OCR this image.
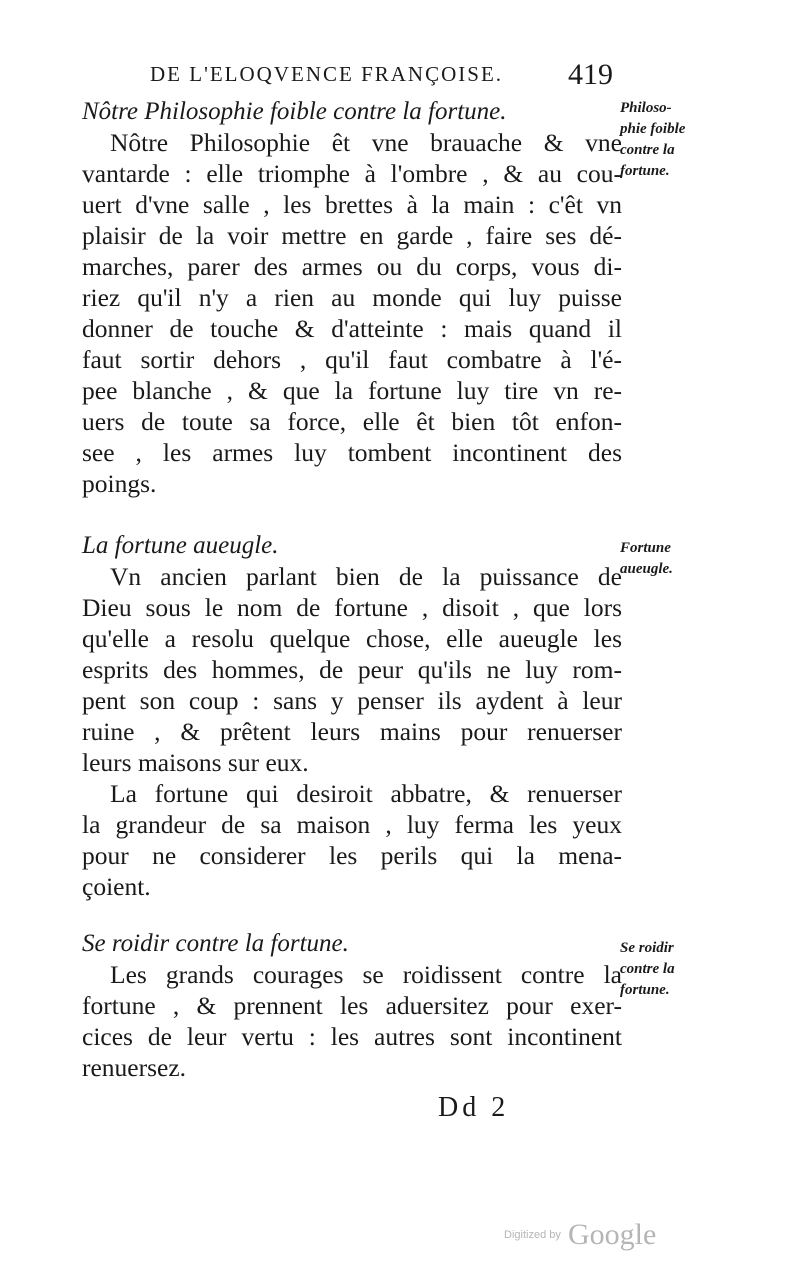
DE L'ELOQVENCE FRANÇOISE. 419
Nôtre Philosophie foible contre la fortune.
Nôtre Philosophie êt vne brauache & vne
vantarde : elle triomphe à l'ombre , & au cou-
uert d'vne salle , les brettes à la main : c'êt vn
plaisir de la voir mettre en garde , faire ses dé-
marches, parer des armes ou du corps, vous di-
riez qu'il n'y a rien au monde qui luy puisse
donner de touche & d'atteinte : mais quand il
faut sortir dehors , qu'il faut combatre à l'é-
pee blanche , & que la fortune luy tire vn re-
uers de toute sa force, elle êt bien tôt enfon-
see , les armes luy tombent incontinent des
poings.
Philoso-
phie foible
contre la
fortune.
La fortune aueugle.
Vn ancien parlant bien de la puissance de
Dieu sous le nom de fortune , disoit , que lors
qu'elle a resolu quelque chose, elle aueugle les
esprits des hommes, de peur qu'ils ne luy rom-
pent son coup : sans y penser ils aydent à leur
ruine , & prêtent leurs mains pour renuerser
leurs maisons sur eux.
La fortune qui desiroit abbatre, & renuerser
la grandeur de sa maison , luy ferma les yeux
pour ne considerer les perils qui la mena-
çoient.
Fortune
aueugle.
Se roidir contre la fortune.
Les grands courages se roidissent contre la
fortune , & prennent les aduersitez pour exer-
cices de leur vertu : les autres sont incontinent
renuersez.
Se roidir
contre la
fortune.
Dd 2
Digitized by Google
